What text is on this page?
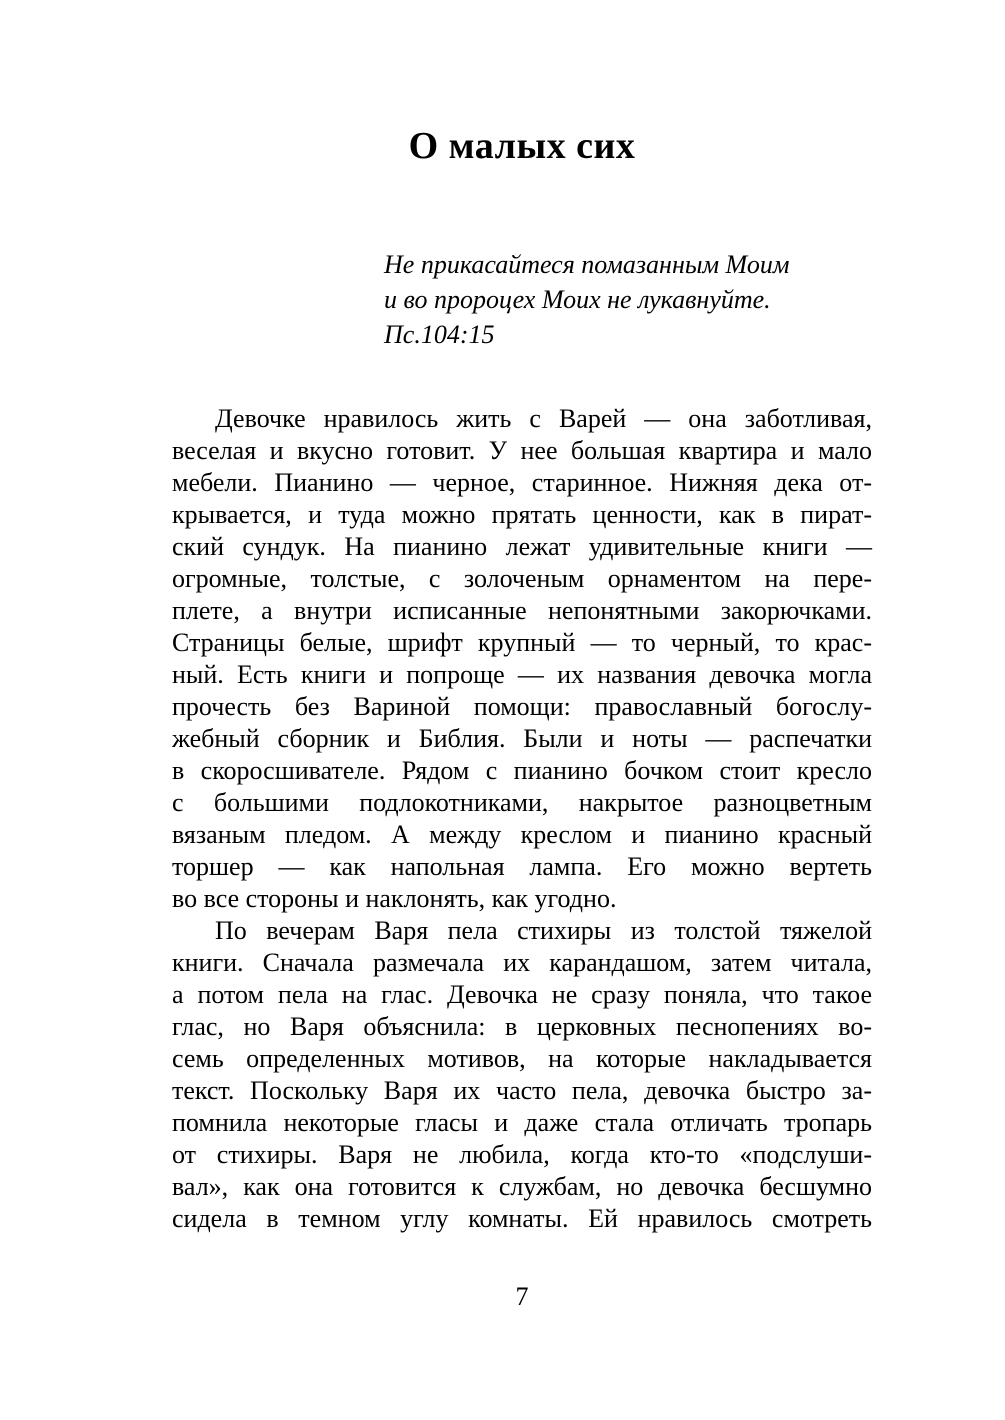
О малых сих
Не прикасайтеся помазанным Моим
и во пророцех Моих не лукавнуйте.
Пс.104:15
Девочке нравилось жить с Варей — она заботливая,
веселая и вкусно готовит. У нее большая квартира и мало
мебели. Пианино — черное, старинное. Нижняя дека от-
крывается, и туда можно прятать ценности, как в пират-
ский сундук. На пианино лежат удивительные книги —
огромные, толстые, с золоченым орнаментом на пере-
плете, а внутри исписанные непонятными закорючками.
Страницы белые, шрифт крупный — то черный, то крас-
ный. Есть книги и попроще — их названия девочка могла
прочесть без Вариной помощи: православный богослу-
жебный сборник и Библия. Были и ноты — распечатки
в скоросшивателе. Рядом с пианино бочком стоит кресло
с большими подлокотниками, накрытое разноцветным
вязаным пледом. А между креслом и пианино красный
торшер — как напольная лампа. Его можно вертеть
во все стороны и наклонять, как угодно.
По вечерам Варя пела стихиры из толстой тяжелой
книги. Сначала размечала их карандашом, затем читала,
а потом пела на глас. Девочка не сразу поняла, что такое
глас, но Варя объяснила: в церковных песнопениях во-
семь определенных мотивов, на которые накладывается
текст. Поскольку Варя их часто пела, девочка быстро за-
помнила некоторые гласы и даже стала отличать тропарь
от стихиры. Варя не любила, когда кто-то «подслуши-
вал», как она готовится к службам, но девочка бесшумно
сидела в темном углу комнаты. Ей нравилось смотреть
7
